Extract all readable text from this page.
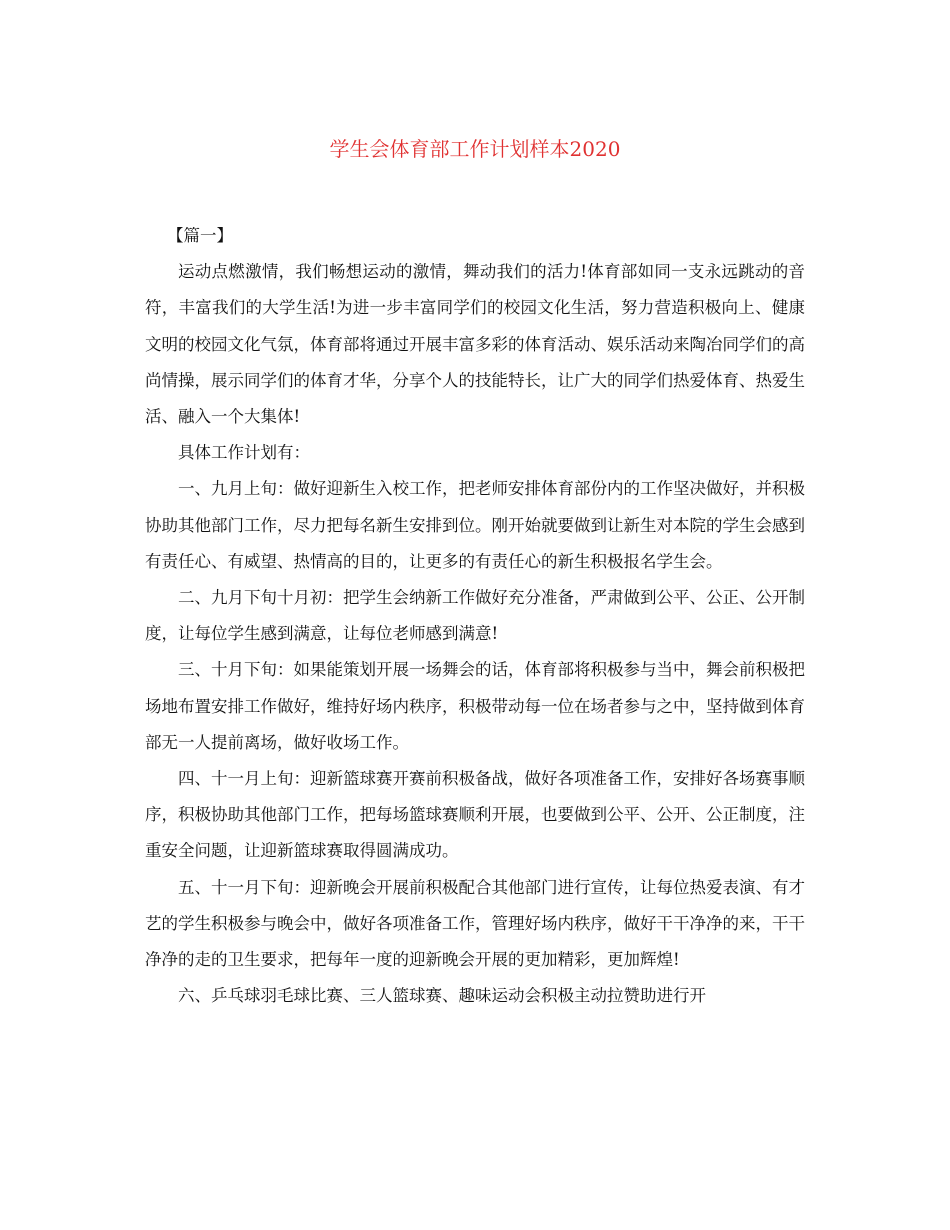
学生会体育部工作计划样本2020

【篇一】

运动点燃激情，我们畅想运动的激情，舞动我们的活力!体育部如同一支永远跳动的音符，丰富我们的大学生活!为进一步丰富同学们的校园文化生活，努力营造积极向上、健康文明的校园文化气氛，体育部将通过开展丰富多彩的体育活动、娱乐活动来陶冶同学们的高尚情操，展示同学们的体育才华，分享个人的技能特长，让广大的同学们热爱体育、热爱生活、融入一个大集体!

具体工作计划有：

一、九月上旬：做好迎新生入校工作，把老师安排体育部份内的工作坚决做好，并积极协助其他部门工作，尽力把每名新生安排到位。刚开始就要做到让新生对本院的学生会感到有责任心、有威望、热情高的目的，让更多的有责任心的新生积极报名学生会。

二、九月下旬十月初：把学生会纳新工作做好充分准备，严肃做到公平、公正、公开制度，让每位学生感到满意，让每位老师感到满意!

三、十月下旬：如果能策划开展一场舞会的话，体育部将积极参与当中，舞会前积极把场地布置安排工作做好，维持好场内秩序，积极带动每一位在场者参与之中，坚持做到体育部无一人提前离场，做好收场工作。

四、十一月上旬：迎新篮球赛开赛前积极备战，做好各项准备工作，安排好各场赛事顺序，积极协助其他部门工作，把每场篮球赛顺利开展，也要做到公平、公开、公正制度，注重安全问题，让迎新篮球赛取得圆满成功。

五、十一月下旬：迎新晚会开展前积极配合其他部门进行宣传，让每位热爱表演、有才艺的学生积极参与晚会中，做好各项准备工作，管理好场内秩序，做好干干净净的来，干干净净的走的卫生要求，把每年一度的迎新晚会开展的更加精彩，更加辉煌!

六、乒乓球羽毛球比赛、三人篮球赛、趣味运动会积极主动拉赞助进行开
